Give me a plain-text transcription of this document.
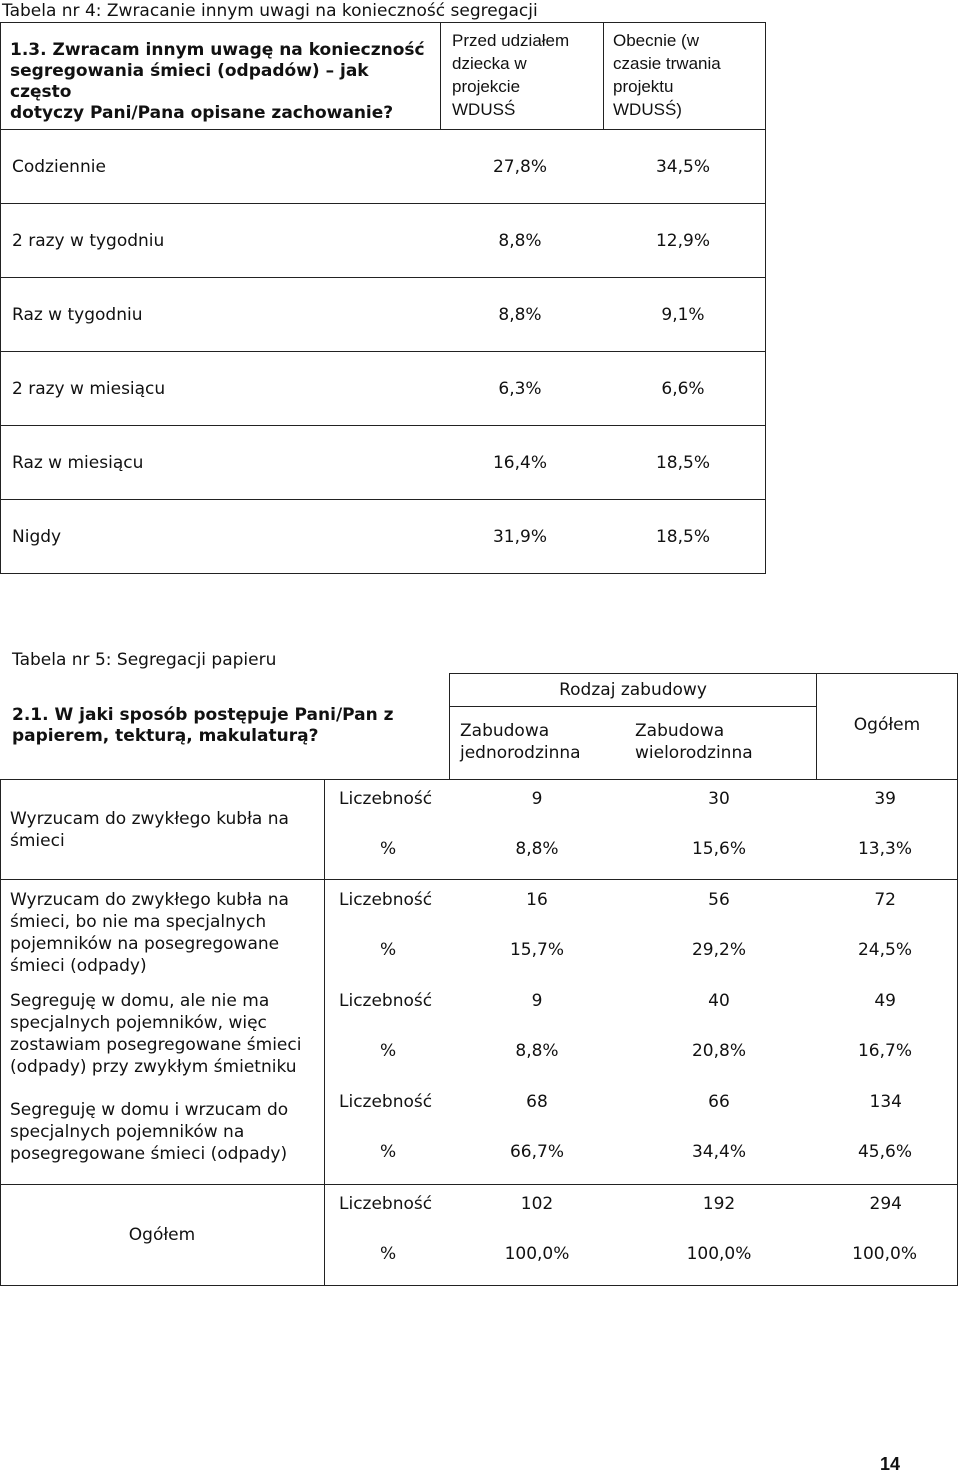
Tabela nr 4: Zwracanie innym uwagi na konieczność segregacji
1.3. Zwracam innym uwagę na konieczność
segregowania śmieci (odpadów) – jak często
dotyczy Pani/Pana opisane zachowanie?
Przed udziałem
dziecka w
projekcie
WDUSŚ
Obecnie (w
czasie trwania
projektu
WDUSŚ)
Codziennie	27,8%	34,5%
2 razy w tygodniu	8,8%	12,9%
Raz w tygodniu	8,8%	9,1%
2 razy w miesiącu	6,3%	6,6%
Raz w miesiącu	16,4%	18,5%
Nigdy	31,9%	18,5%
Tabela nr 5: Segregacji papieru
2.1. W jaki sposób postępuje Pani/Pan z
papierem, tekturą, makulaturą?
Rodzaj zabudowy
Zabudowa
jednorodzinna
Zabudowa
wielorodzinna
Ogółem
Wyrzucam do zwykłego kubła na
śmieci
Liczebność	9	30	39
%	8,8%	15,6%	13,3%
Wyrzucam do zwykłego kubła na
śmieci, bo nie ma specjalnych
pojemników na posegregowane
śmieci (odpady)
Liczebność	16	56	72
%	15,7%	29,2%	24,5%
Segreguję w domu, ale nie ma
specjalnych pojemników, więc
zostawiam posegregowane śmieci
(odpady) przy zwykłym śmietniku
Liczebność	9	40	49
%	8,8%	20,8%	16,7%
Segreguję w domu i wrzucam do
specjalnych pojemników na
posegregowane śmieci (odpady)
Liczebność	68	66	134
%	66,7%	34,4%	45,6%
Ogółem
Liczebność	102	192	294
%	100,0%	100,0%	100,0%
14
